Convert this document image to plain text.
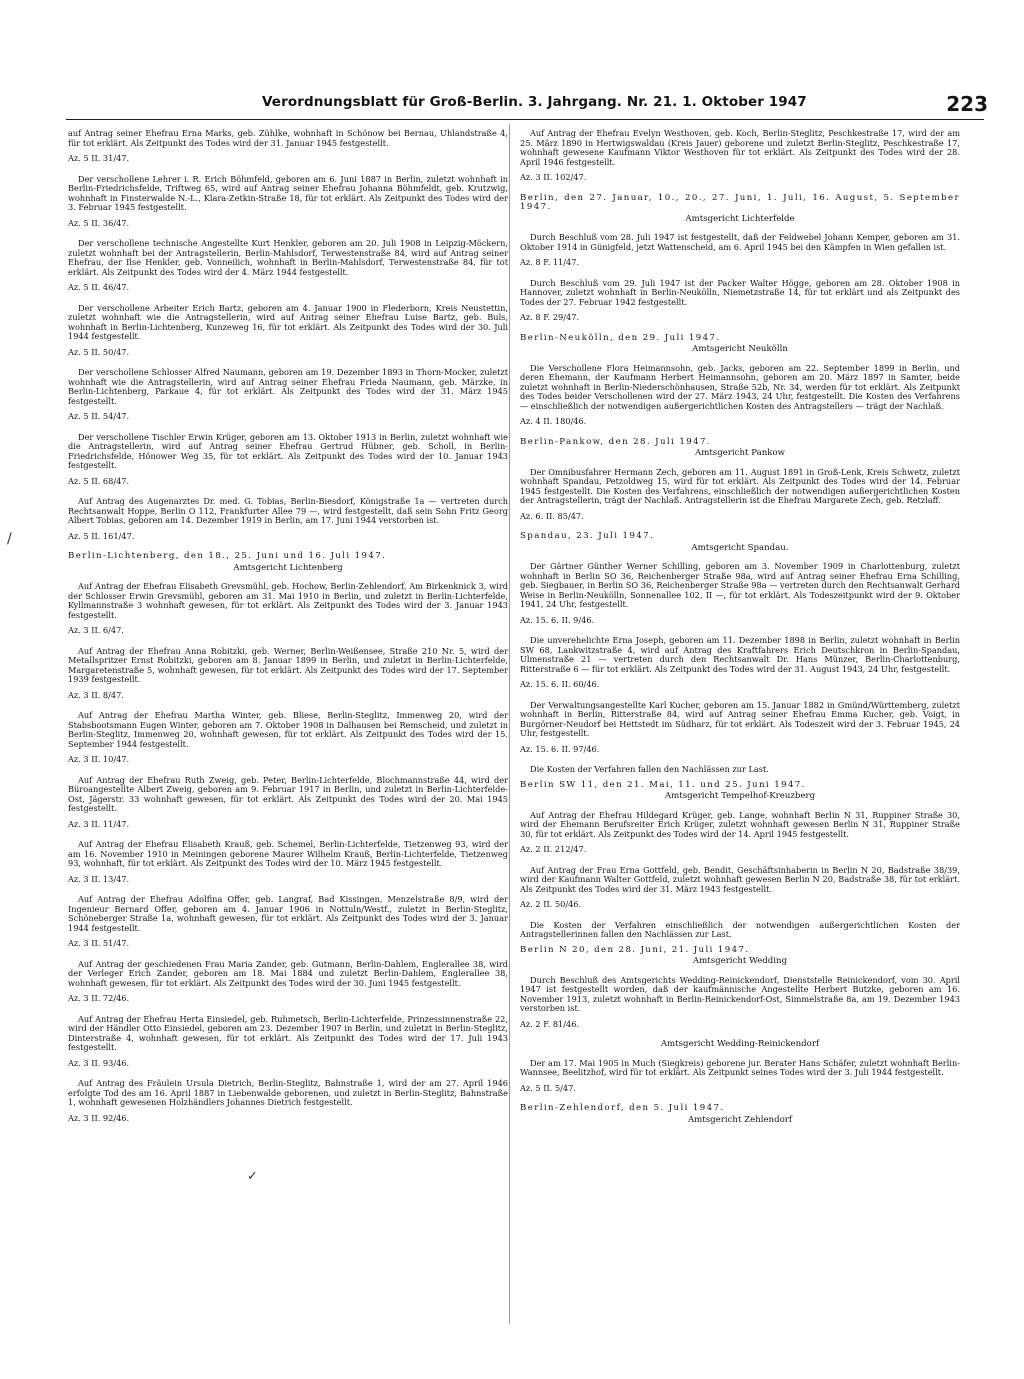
Verordnungsblatt für Groß-Berlin. 3. Jahrgang. Nr. 21. 1. Oktober 1947	223

auf Antrag seiner Ehefrau Erna Marks, geb. Zühlke, wohnhaft in Schönow bei Bernau, Uhlandstraße 4, für tot erklärt. Als Zeitpunkt des Todes wird der 31. Januar 1945 festgestellt.

Az. 5 II. 31/47.

Der verschollene Lehrer i. R. Erich Böhmfeld, geboren am 6. Juni 1887 in Berlin, zuletzt wohnhaft in Berlin-Friedrichsfelde, Triftweg 65, wird auf Antrag seiner Ehefrau Johanna Böhmfeldt, geb. Krutzwig, wohnhaft in Finsterwalde N.-L., Klara-Zetkin-Straße 18, für tot erklärt. Als Zeitpunkt des Todes wird der 3. Februar 1945 festgestellt.

Az. 5 II. 36/47.

Der verschollene technische Angestellte Kurt Henkler, geboren am 20. Juli 1908 in Leipzig-Möckern, zuletzt wohnhaft bei der Antragstellerin, Berlin-Mahlsdorf, Terwestenstraße 84, wird auf Antrag seiner Ehefrau, der Ilse Henkler, geb. Vonneilich, wohnhaft in Berlin-Mahlsdorf, Terwestenstraße 84, für tot erklärt. Als Zeitpunkt des Todes wird der 4. März 1944 festgestellt.

Az. 5 II. 46/47.

Der verschollene Arbeiter Erich Bartz, geboren am 4. Januar 1900 in Flederborn, Kreis Neustettin, zuletzt wohnhaft wie die Antragstellerin, wird auf Antrag seiner Ehefrau Luise Bartz, geb. Buls, wohnhaft in Berlin-Lichtenberg, Kunzeweg 16, für tot erklärt. Als Zeitpunkt des Todes wird der 30. Juli 1944 festgestellt.

Az. 5 II. 50/47.

Der verschollene Schlosser Alfred Naumann, geboren am 19. Dezember 1893 in Thorn-Mocker, zuletzt wohnhaft wie die Antragstellerin, wird auf Antrag seiner Ehefrau Frieda Naumann, geb. Märzke, in Berlin-Lichtenberg, Parkaue 4, für tot erklärt. Als Zeitpunkt des Todes wird der 31. März 1945 festgestellt.

Az. 5 II. 54/47.

Der verschollene Tischler Erwin Krüger, geboren am 13. Oktober 1913 in Berlin, zuletzt wohnhaft wie die Antragstellerin, wird auf Antrag seiner Ehefrau Gertrud Hübner, geb. Scholl, in Berlin-Friedrichsfelde, Hönower Weg 35, für tot erklärt. Als Zeitpunkt des Todes wird der 10. Januar 1943 festgestellt.

Az. 5 II. 68/47.

Auf Antrag des Augenarztes Dr. med. G. Tobias, Berlin-Biesdorf, Königstraße 1a — vertreten durch Rechtsanwalt Hoppe, Berlin O 112, Frankfurter Allee 79 —, wird festgestellt, daß sein Sohn Fritz Georg Albert Tobias, geboren am 14. Dezember 1919 in Berlin, am 17. Juni 1944 verstorben ist.

Az. 5 II. 161/47.
Berlin-Lichtenberg, den 18., 25. Juni und 16. Juli 1947.
Amtsgericht Lichtenberg

Auf Antrag der Ehefrau Elisabeth Grevsmühl, geb. Hochow, Berlin-Zehlendorf, Am Birkenknick 3, wird der Schlosser Erwin Grevsmühl, geboren am 31. Mai 1910 in Berlin, und zuletzt in Berlin-Lichterfelde, Kyllmannstraße 3 wohnhaft gewesen, für tot erklärt. Als Zeitpunkt des Todes wird der 3. Januar 1943 festgestellt.

Az. 3 II. 6/47.

Auf Antrag der Ehefrau Anna Robitzki, geb. Werner, Berlin-Weißensee, Straße 210 Nr. 5, wird der Metallspritzer Ernst Robitzki, geboren am 8. Januar 1899 in Berlin, und zuletzt in Berlin-Lichterfelde, Margaretenstraße 5, wohnhaft gewesen, für tot erklärt. Als Zeitpunkt des Todes wird der 17. September 1939 festgestellt.

Az. 3 II. 8/47.

Auf Antrag der Ehefrau Martha Winter, geb. Bliese, Berlin-Steglitz, Immenweg 20, wird der Stabsbootsmann Eugen Winter, geboren am 7. Oktober 1908 in Dalhausen bei Remscheid, und zuletzt in Berlin-Steglitz, Immenweg 20, wohnhaft gewesen, für tot erklärt. Als Zeitpunkt des Todes wird der 15. September 1944 festgestellt.

Az. 3 II. 10/47.

Auf Antrag der Ehefrau Ruth Zweig, geb. Peter, Berlin-Lichterfelde, Blochmannstraße 44, wird der Büroangestellte Albert Zweig, geboren am 9. Februar 1917 in Berlin, und zuletzt in Berlin-Lichterfelde-Ost, Jägerstr. 33 wohnhaft gewesen, für tot erklärt. Als Zeitpunkt des Todes wird der 20. Mai 1945 festgestellt.

Az. 3 II. 11/47.

Auf Antrag der Ehefrau Elisabeth Krauß, geb. Schemel, Berlin-Lichterfelde, Tietzenweg 93, wird der am 16. November 1910 in Meiningen geborene Maurer Wilhelm Krauß, Berlin-Lichterfelde, Tietzenweg 93, wohnhaft, für tot erklärt. Als Zeitpunkt des Todes wird der 10. März 1945 festgestellt.

Az. 3 II. 13/47.

Auf Antrag der Ehefrau Adolfina Offer, geb. Langraf, Bad Kissingen, Menzelstraße 8/9, wird der Ingenieur Bernard Offer, geboren am 4. Januar 1906 in Nottuln/Westf., zuletzt in Berlin-Steglitz, Schöneberger Straße 1a, wohnhaft gewesen, für tot erklärt. Als Zeitpunkt des Todes wird der 3. Januar 1944 festgestellt.

Az. 3 II. 51/47.

Auf Antrag der geschiedenen Frau Maria Zander, geb. Gutmann, Berlin-Dahlem, Englerallee 38, wird der Verleger Erich Zander, geboren am 18. Mai 1884 und zuletzt Berlin-Dahlem, Englerallee 38, wohnhaft gewesen, für tot erklärt. Als Zeitpunkt des Todes wird der 30. Juni 1945 festgestellt.

Az. 3 II. 72/46.

Auf Antrag der Ehefrau Herta Einsiedel, geb. Ruhmetsch, Berlin-Lichterfelde, Prinzessinnenstraße 22, wird der Händler Otto Einsiedel, geboren am 23. Dezember 1907 in Berlin, und zuletzt in Berlin-Steglitz, Dinterstraße 4, wohnhaft gewesen, für tot erklärt. Als Zeitpunkt des Todes wird der 17. Juli 1943 festgestellt.

Az. 3 II. 93/46.

Auf Antrag des Fräulein Ursula Dietrich, Berlin-Steglitz, Bahnstraße 1, wird der am 27. April 1946 erfolgte Tod des am 16. April 1887 in Liebenwalde geborenen, und zuletzt in Berlin-Steglitz, Bahnstraße 1, wohnhaft gewesenen Holzhändlers Johannes Dietrich festgestellt.

Az. 3 II. 92/46.

Auf Antrag der Ehefrau Evelyn Westhoven, geb. Koch, Berlin-Steglitz, Peschkestraße 17, wird der am 25. März 1890 in Hertwigswaldau (Kreis Jauer) geborene und zuletzt Berlin-Steglitz, Peschkestraße 17, wohnhaft gewesene Kaufmann Viktor Westhoven für tot erklärt. Als Zeitpunkt des Todes wird der 28. April 1946 festgestellt.

Az. 3 II. 102/47.
Berlin, den 27. Januar, 10., 20., 27. Juni, 1. Juli, 16. August, 5. September 1947.
Amtsgericht Lichterfelde

Durch Beschluß vom 28. Juli 1947 ist festgestellt, daß der Feldwebel Johann Kemper, geboren am 31. Oktober 1914 in Günigfeld, jetzt Wattenscheid, am 6. April 1945 bei den Kämpfen in Wien gefallen ist.

Az. 8 F. 11/47.

Durch Beschluß vom 29. Juli 1947 ist der Packer Walter Högge, geboren am 28. Oktober 1908 in Hannover, zuletzt wohnhaft in Berlin-Neukölln, Niemetzstraße 14, für tot erklärt und als Zeitpunkt des Todes der 27. Februar 1942 festgestellt.

Az. 8 F. 29/47.
Berlin-Neukölln, den 29. Juli 1947.
Amtsgericht Neukölln

Die Verschollene Flora Heimannsohn, geb. Jacks, geboren am 22. September 1899 in Berlin, und deren Ehemann, der Kaufmann Herbert Heimannsohn, geboren am 20. März 1897 in Samter, beide zuletzt wohnhaft in Berlin-Niederschönhausen, Straße 52b, Nr. 34, werden für tot erklärt. Als Zeitpunkt des Todes beider Verschollenen wird der 27. März 1943, 24 Uhr, festgestellt. Die Kosten des Verfahrens — einschließlich der notwendigen außergerichtlichen Kosten des Antragstellers — trägt der Nachlaß.

Az. 4 II. 180/46.
Berlin-Pankow, den 28. Juli 1947.
Amtsgericht Pankow

Der Omnibusfahrer Hermann Zech, geboren am 11. August 1891 in Groß-Lenk, Kreis Schwetz, zuletzt wohnhaft Spandau, Petzoldweg 15, wird für tot erklärt. Als Zeitpunkt des Todes wird der 14. Februar 1945 festgestellt. Die Kosten des Verfahrens, einschließlich der notwendigen außergerichtlichen Kosten der Antragstellerin, trägt der Nachlaß. Antragstellerin ist die Ehefrau Margarete Zech, geb. Retzlaff.

Az. 6. II. 85/47.
Spandau, 23. Juli 1947.
Amtsgericht Spandau.

Der Gärtner Günther Werner Schilling, geboren am 3. November 1909 in Charlottenburg, zuletzt wohnhaft in Berlin SO 36, Reichenberger Straße 98a, wird auf Antrag seiner Ehefrau Erna Schilling, geb. Siegbauer, in Berlin SO 36, Reichenberger Straße 98a — vertreten durch den Rechtsanwalt Gerhard Weise in Berlin-Neukölln, Sonnenallee 102, II —, für tot erklärt. Als Todeszeitpunkt wird der 9. Oktober 1941, 24 Uhr, festgestellt.

Az. 15. 6. II. 9/46.

Die unverehelichte Erna Joseph, geboren am 11. Dezember 1898 in Berlin, zuletzt wohnhaft in Berlin SW 68, Lankwitzstraße 4, wird auf Antrag des Kraftfahrers Erich Deutschkron in Berlin-Spandau, Ulmenstraße 21 — vertreten durch den Rechtsanwalt Dr. Hans Münzer, Berlin-Charlottenburg, Ritterstraße 6 — für tot erklärt. Als Zeitpunkt des Todes wird der 31. August 1943, 24 Uhr, festgestellt.

Az. 15. 6. II. 60/46.

Der Verwaltungsangestellte Karl Kucher, geboren am 15. Januar 1882 in Gmünd/Württemberg, zuletzt wohnhaft in Berlin, Ritterstraße 84, wird auf Antrag seiner Ehefrau Emma Kucher, geb. Voigt, in Burgörner-Neudorf bei Hettstedt im Südharz, für tot erklärt. Als Todeszeit wird der 3. Februar 1945, 24 Uhr, festgestellt.

Az. 15. 6. II. 97/46.

Die Kosten der Verfahren fallen den Nachlässen zur Last.

Berlin SW 11, den 21. Mai, 11. und 25. Juni 1947.
Amtsgericht Tempelhof-Kreuzberg

Auf Antrag der Ehefrau Hildegard Krüger, geb. Lange, wohnhaft Berlin N 31, Ruppiner Straße 30, wird der Ehemann Berufsreiter Erich Krüger, zuletzt wohnhaft gewesen Berlin N 31, Ruppiner Straße 30, für tot erklärt. Als Zeitpunkt des Todes wird der 14. April 1945 festgestellt.

Az. 2 II. 212/47.

Auf Antrag der Frau Erna Gottfeld, geb. Bendit, Geschäftsinhaberin in Berlin N 20, Badstraße 38/39, wird der Kaufmann Walter Gottfeld, zuletzt wohnhaft gewesen Berlin N 20, Badstraße 38, für tot erklärt. Als Zeitpunkt des Todes wird der 31. März 1943 festgestellt.

Az. 2 II. 50/46.

Die Kosten der Verfahren einschließlich der notwendigen außergerichtlichen Kosten der Antragstellerinnen fallen den Nachlässen zur Last.

Berlin N 20, den 28. Juni, 21. Juli 1947.
Amtsgericht Wedding

Durch Beschluß des Amtsgerichts Wedding-Reinickendorf, Dienststelle Reinickendorf, vom 30. April 1947 ist festgestellt worden, daß der kaufmännische Angestellte Herbert Butzke, geboren am 16. November 1913, zuletzt wohnhaft in Berlin-Reinickendorf-Ost, Simmelstraße 8a, am 19. Dezember 1943 verstorben ist.

Az. 2 F. 81/46.
Amtsgericht Wedding-Reinickendorf

Der am 17. Mai 1905 in Much (Siegkreis) geborene jur. Berater Hans Schäfer, zuletzt wohnhaft Berlin-Wannsee, Beelitzhof, wird für tot erklärt. Als Zeitpunkt seines Todes wird der 3. Juli 1944 festgestellt.

Az. 5 II. 5/47.
Berlin-Zehlendorf, den 5. Juli 1947.
Amtsgericht Zehlendorf
✓
/
